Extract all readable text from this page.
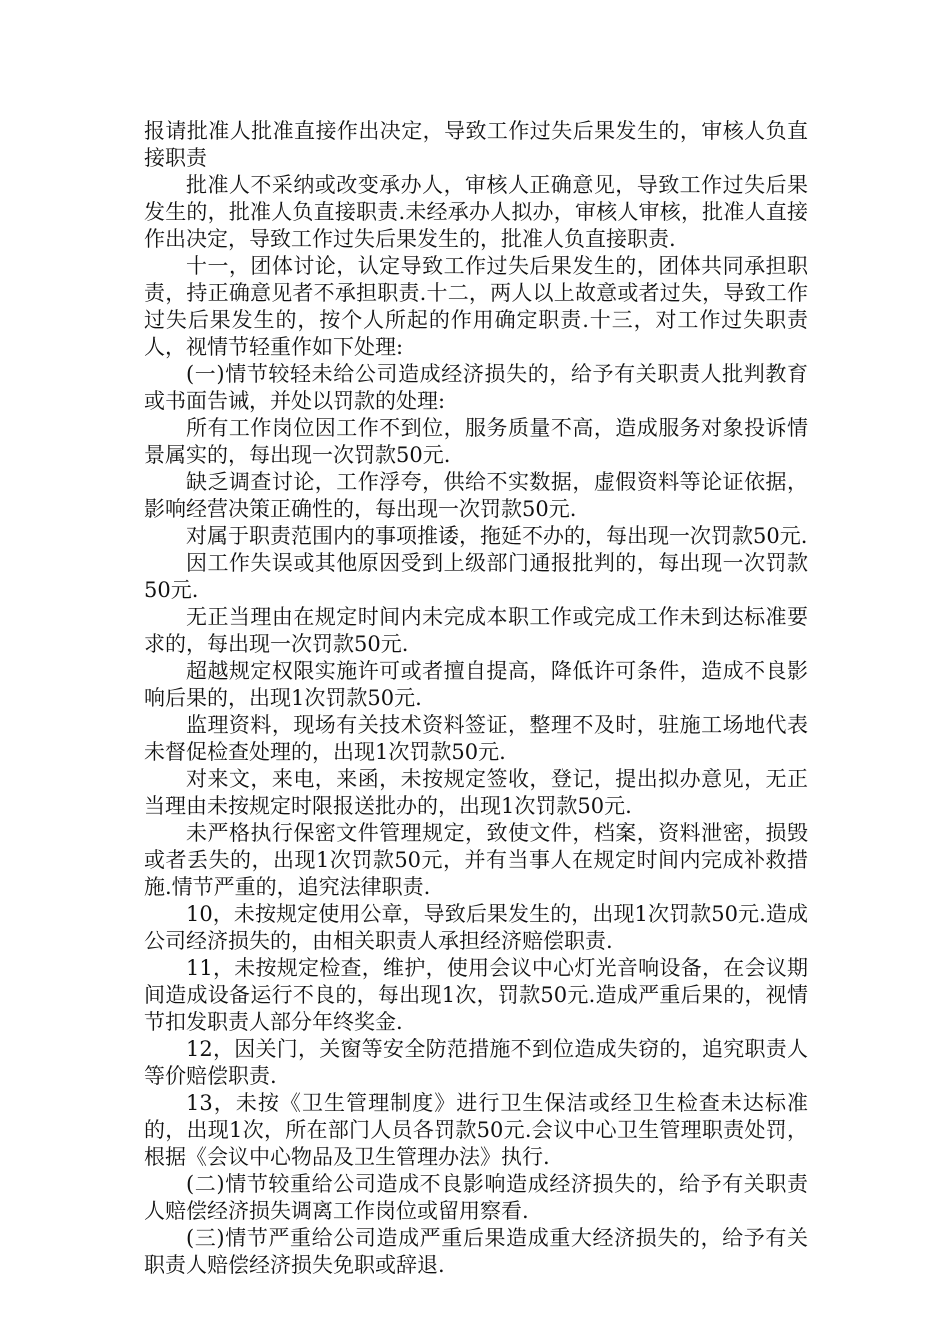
报请批准人批准直接作出决定，导致工作过失后果发生的，审核人负直接职责

批准人不采纳或改变承办人，审核人正确意见，导致工作过失后果发生的，批准人负直接职责.未经承办人拟办，审核人审核，批准人直接作出决定，导致工作过失后果发生的，批准人负直接职责.

十一，团体讨论，认定导致工作过失后果发生的，团体共同承担职责，持正确意见者不承担职责.十二，两人以上故意或者过失，导致工作过失后果发生的，按个人所起的作用确定职责.十三，对工作过失职责人，视情节轻重作如下处理:

(一)情节较轻未给公司造成经济损失的，给予有关职责人批判教育或书面告诫，并处以罚款的处理:

所有工作岗位因工作不到位，服务质量不高，造成服务对象投诉情景属实的，每出现一次罚款50元.

缺乏调查讨论，工作浮夸，供给不实数据，虚假资料等论证依据，影响经营决策正确性的，每出现一次罚款50元.

对属于职责范围内的事项推诿，拖延不办的，每出现一次罚款50元.

因工作失误或其他原因受到上级部门通报批判的，每出现一次罚款50元.

无正当理由在规定时间内未完成本职工作或完成工作未到达标准要求的，每出现一次罚款50元.

超越规定权限实施许可或者擅自提高，降低许可条件，造成不良影响后果的，出现1次罚款50元.

监理资料，现场有关技术资料签证，整理不及时，驻施工场地代表未督促检查处理的，出现1次罚款50元.

对来文，来电，来函，未按规定签收，登记，提出拟办意见，无正当理由未按规定时限报送批办的，出现1次罚款50元.

未严格执行保密文件管理规定，致使文件，档案，资料泄密，损毁或者丢失的，出现1次罚款50元，并有当事人在规定时间内完成补救措施.情节严重的，追究法律职责.

10，未按规定使用公章，导致后果发生的，出现1次罚款50元.造成公司经济损失的，由相关职责人承担经济赔偿职责.

11，未按规定检查，维护，使用会议中心灯光音响设备，在会议期间造成设备运行不良的，每出现1次，罚款50元.造成严重后果的，视情节扣发职责人部分年终奖金.

12，因关门，关窗等安全防范措施不到位造成失窃的，追究职责人等价赔偿职责.

13，未按《卫生管理制度》进行卫生保洁或经卫生检查未达标准的，出现1次，所在部门人员各罚款50元.会议中心卫生管理职责处罚，根据《会议中心物品及卫生管理办法》执行.

(二)情节较重给公司造成不良影响造成经济损失的，给予有关职责人赔偿经济损失调离工作岗位或留用察看.

(三)情节严重给公司造成严重后果造成重大经济损失的，给予有关职责人赔偿经济损失免职或辞退.
